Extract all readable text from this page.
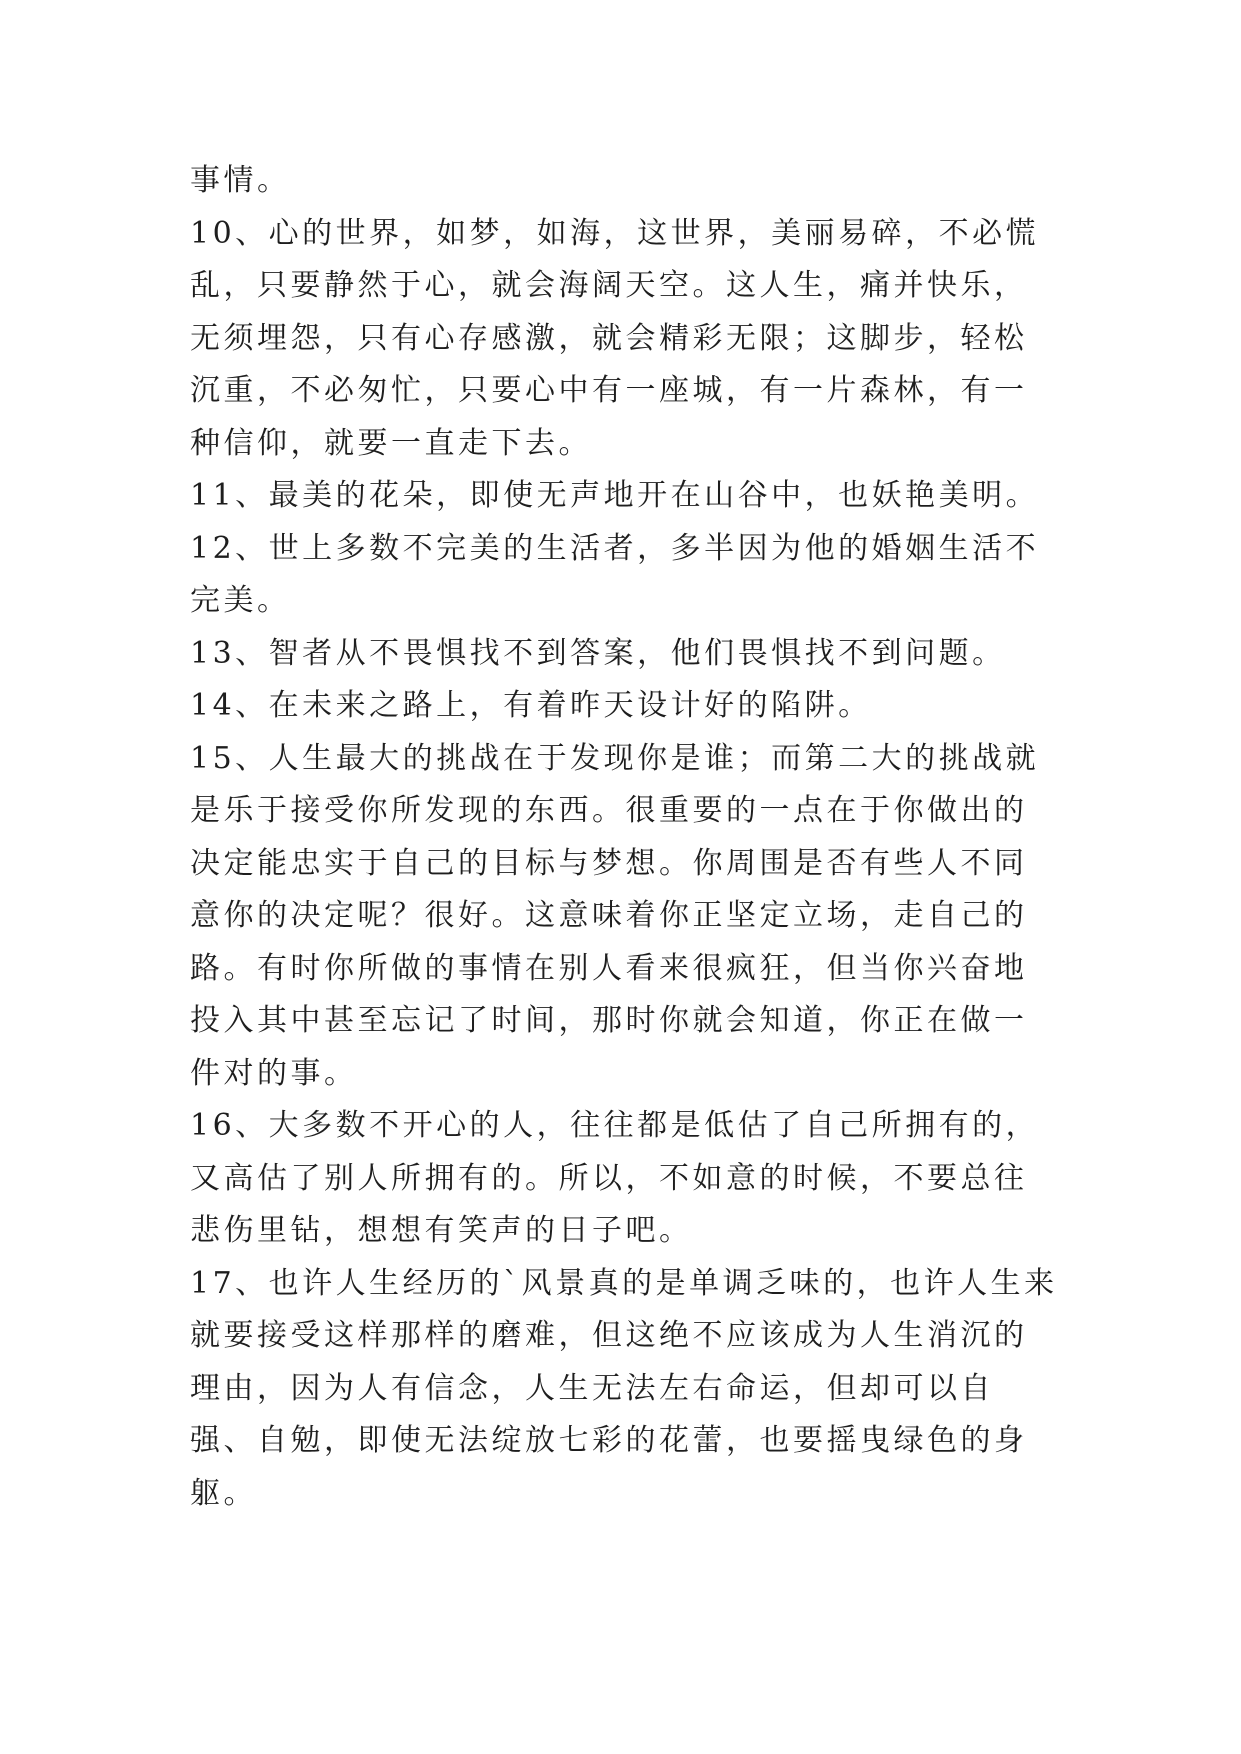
事情。

10、心的世界，如梦，如海，这世界，美丽易碎，不必慌乱，只要静然于心，就会海阔天空。这人生，痛并快乐，无须埋怨，只有心存感激，就会精彩无限；这脚步，轻松沉重，不必匆忙，只要心中有一座城，有一片森林，有一种信仰，就要一直走下去。

11、最美的花朵，即使无声地开在山谷中，也妖艳美明。

12、世上多数不完美的生活者，多半因为他的婚姻生活不完美。

13、智者从不畏惧找不到答案，他们畏惧找不到问题。

14、在未来之路上，有着昨天设计好的陷阱。

15、人生最大的挑战在于发现你是谁；而第二大的挑战就是乐于接受你所发现的东西。很重要的一点在于你做出的决定能忠实于自己的目标与梦想。你周围是否有些人不同意你的决定呢？很好。这意味着你正坚定立场，走自己的路。有时你所做的事情在别人看来很疯狂，但当你兴奋地投入其中甚至忘记了时间，那时你就会知道，你正在做一件对的事。

16、大多数不开心的人，往往都是低估了自己所拥有的，又高估了别人所拥有的。所以，不如意的时候，不要总往悲伤里钻，想想有笑声的日子吧。

17、也许人生经历的`风景真的是单调乏味的，也许人生来就要接受这样那样的磨难，但这绝不应该成为人生消沉的理由，因为人有信念，人生无法左右命运，但却可以自强、自勉，即使无法绽放七彩的花蕾，也要摇曳绿色的身躯。
